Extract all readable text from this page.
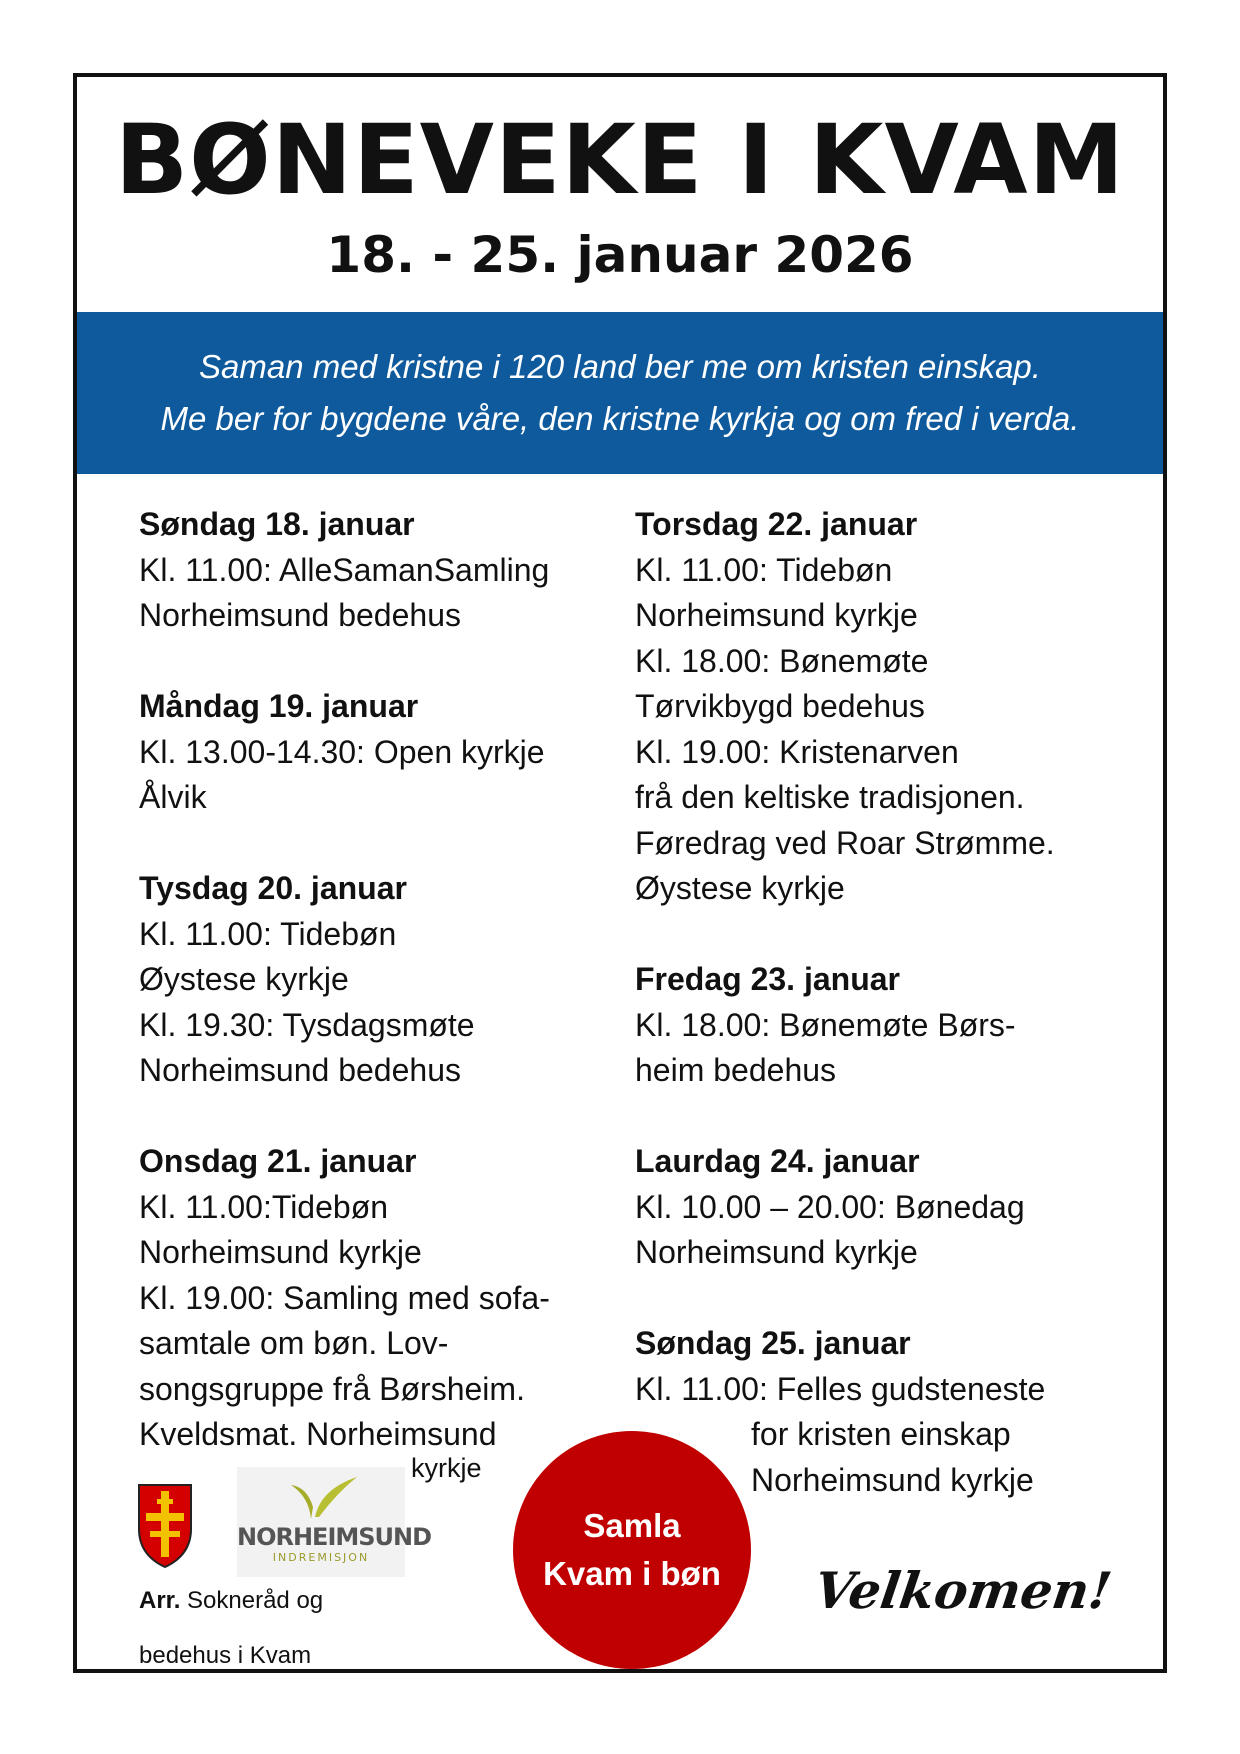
BØNEVEKE I KVAM
18. - 25. januar 2026
Saman med kristne i 120 land ber me om kristen einskap.
Me ber for bygdene våre, den kristne kyrkja og om fred i verda.
Søndag 18. januar
Kl. 11.00: AlleSamanSamling
Norheimsund bedehus
Måndag 19. januar
Kl. 13.00-14.30: Open kyrkje
Ålvik
Tysdag 20. januar
Kl. 11.00: Tidebøn
Øystese kyrkje
Kl. 19.30: Tysdagsmøte
Norheimsund bedehus
Onsdag 21. januar
Kl. 11.00:Tidebøn
Norheimsund kyrkje
Kl. 19.00: Samling med sofa-
samtale om bøn. Lov-
songsgruppe frå Børsheim.
Kveldsmat. Norheimsund
Torsdag 22. januar
Kl. 11.00: Tidebøn
Norheimsund kyrkje
Kl. 18.00: Bønemøte
Tørvikbygd bedehus
Kl. 19.00: Kristenarven
frå den keltiske tradisjonen.
Føredrag ved Roar Strømme.
Øystese kyrkje
Fredag 23. januar
Kl. 18.00: Bønemøte Børs-
heim bedehus
Laurdag 24. januar
Kl. 10.00 – 20.00: Bønedag
Norheimsund kyrkje
Søndag 25. januar
Kl. 11.00: Felles gudsteneste
for kristen einskap
Norheimsund kyrkje
kyrkje
NORHEIMSUND
INDREMISJON
Arr. Sokneråd og
bedehus i Kvam
Samla
Kvam i bøn Velkomen!
